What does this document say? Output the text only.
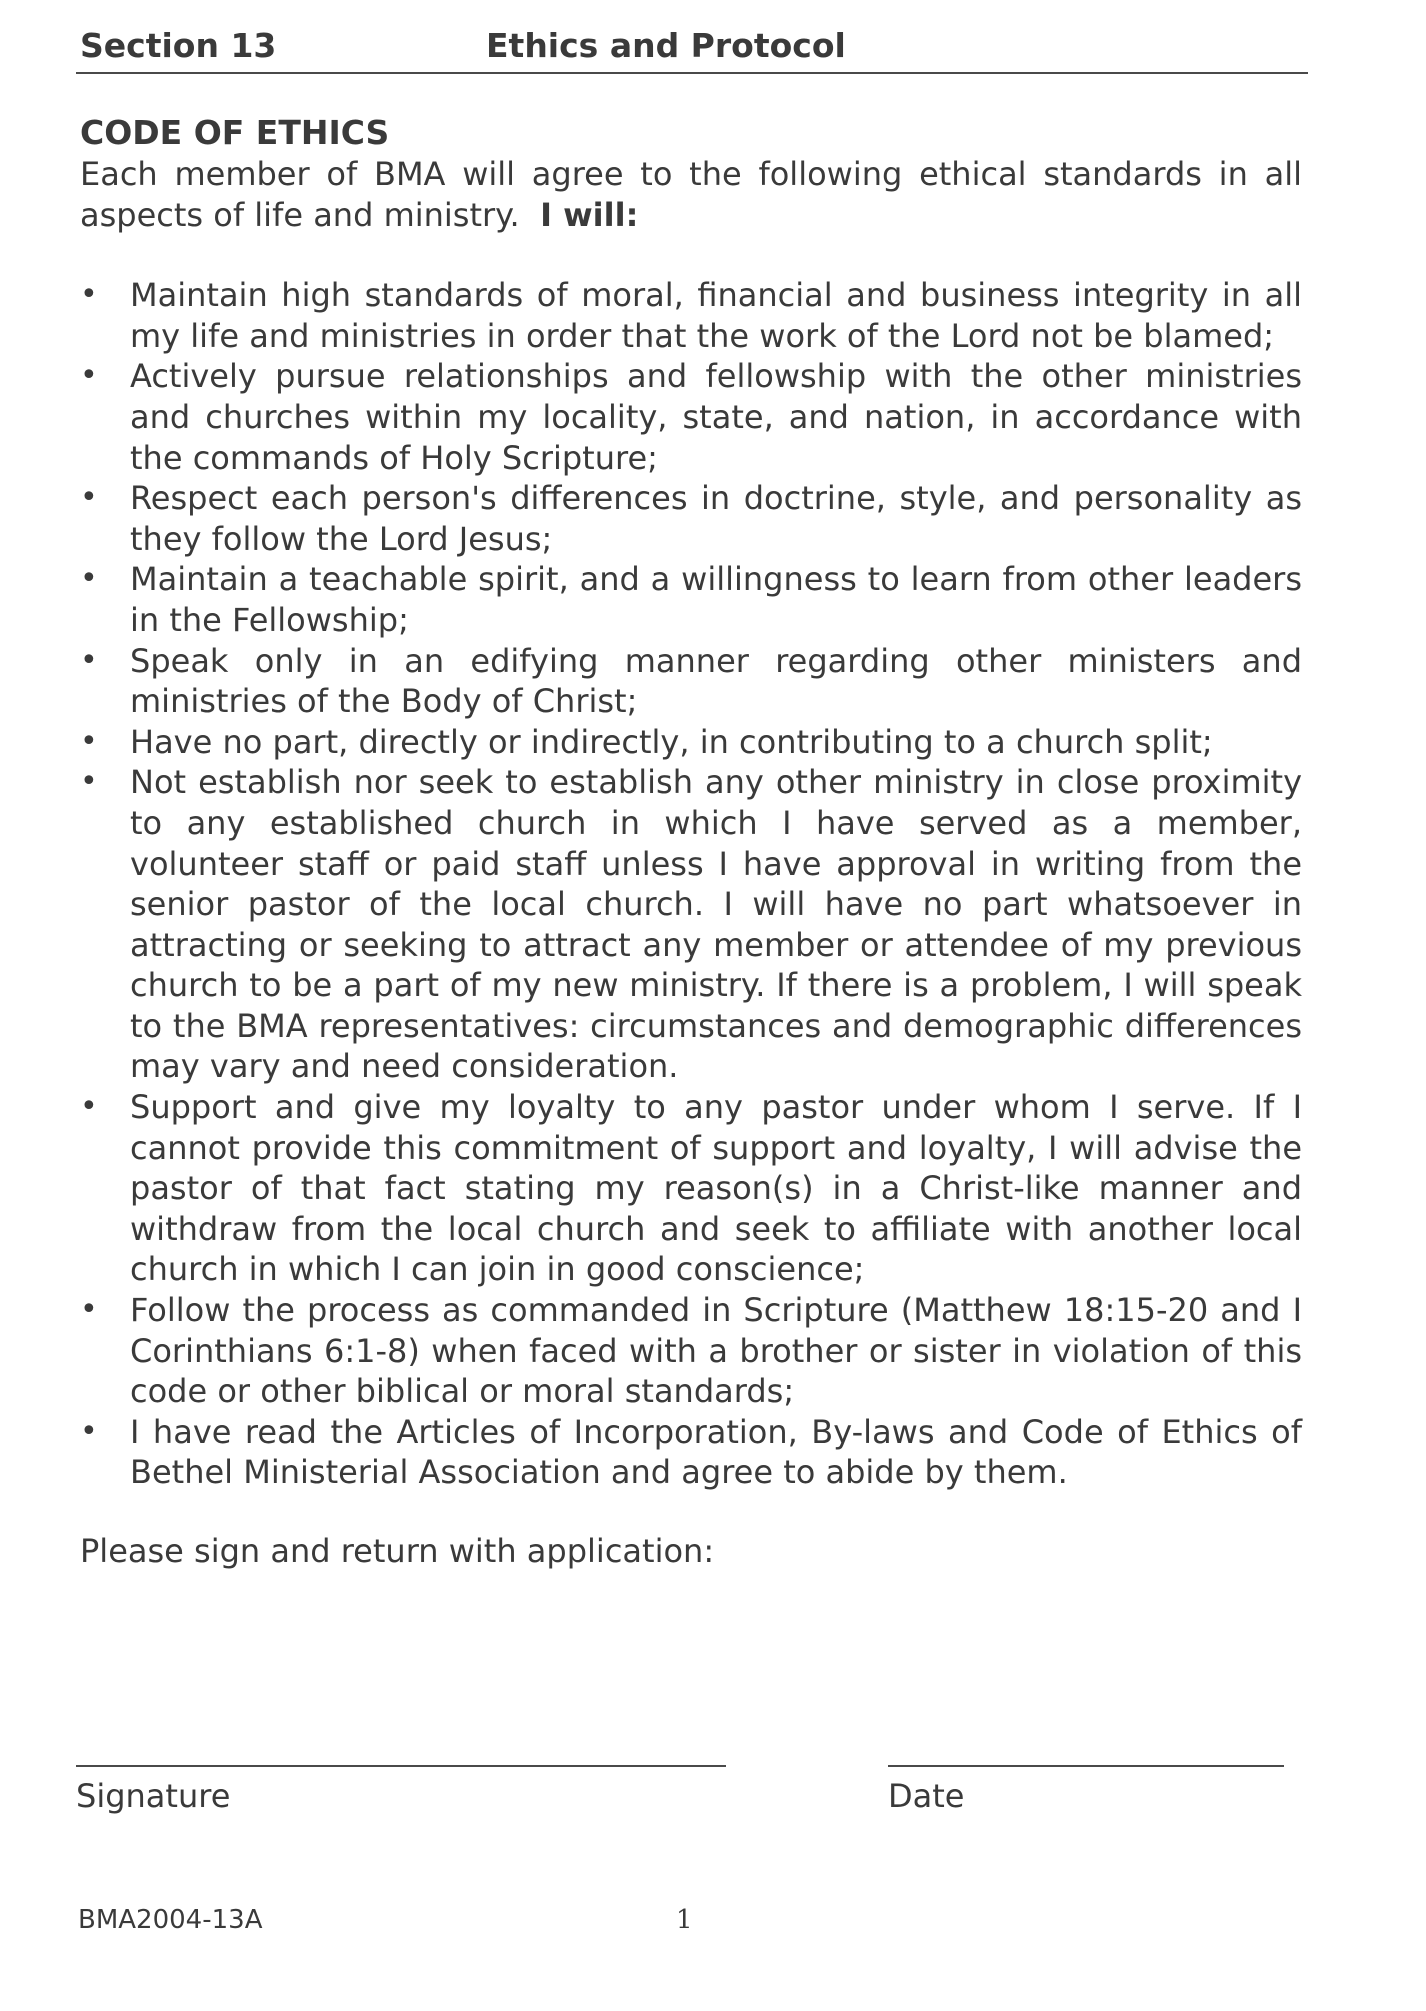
Section 13	Ethics and Protocol
CODE OF ETHICS

Each member of BMA will agree to the following ethical standards in all aspects of life and ministry. I will:

• Maintain high standards of moral, financial and business integrity in all my life and ministries in order that the work of the Lord not be blamed;
• Actively pursue relationships and fellowship with the other ministries and churches within my locality, state, and nation, in accordance with the commands of Holy Scripture;
• Respect each person's differences in doctrine, style, and personality as they follow the Lord Jesus;
• Maintain a teachable spirit, and a willingness to learn from other leaders in the Fellowship;
• Speak only in an edifying manner regarding other ministers and ministries of the Body of Christ;
• Have no part, directly or indirectly, in contributing to a church split;
• Not establish nor seek to establish any other ministry in close proximity to any established church in which I have served as a member, volunteer staff or paid staff unless I have approval in writing from the senior pastor of the local church. I will have no part whatsoever in attracting or seeking to attract any member or attendee of my previous church to be a part of my new ministry. If there is a problem, I will speak to the BMA representatives: circumstances and demographic differences may vary and need consideration.
• Support and give my loyalty to any pastor under whom I serve. If I cannot provide this commitment of support and loyalty, I will advise the pastor of that fact stating my reason(s) in a Christ-like manner and withdraw from the local church and seek to affiliate with another local church in which I can join in good conscience;
• Follow the process as commanded in Scripture (Matthew 18:15-20 and I Corinthians 6:1-8) when faced with a brother or sister in violation of this code or other biblical or moral standards;
• I have read the Articles of Incorporation, By-laws and Code of Ethics of Bethel Ministerial Association and agree to abide by them.

Please sign and return with application:

Signature	Date
BMA2004-13A	1
